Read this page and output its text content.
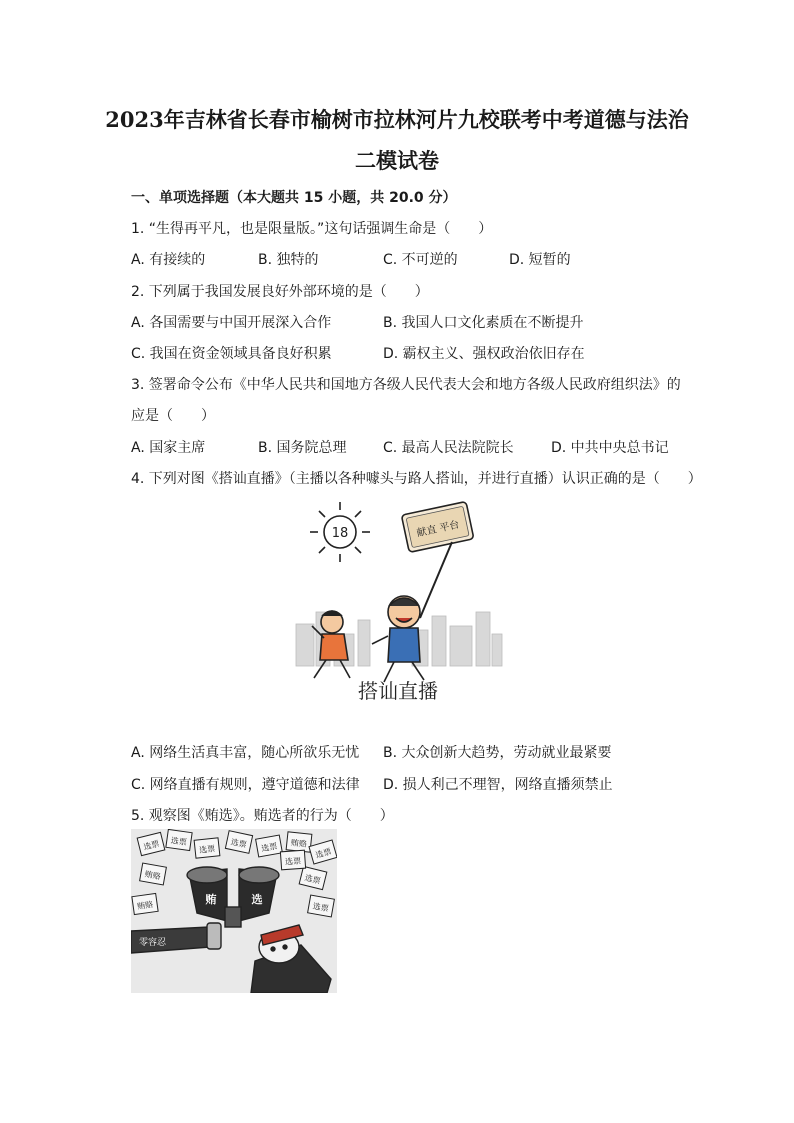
2023年吉林省长春市榆树市拉林河片九校联考中考道德与法治
二模试卷
一、单项选择题（本大题共 15 小题，共 20.0 分）
1. “生得再平凡，也是限量版。”这句话强调生命是（　　）
A. 有接续的	B. 独特的	C. 不可逆的	D. 短暂的
2. 下列属于我国发展良好外部环境的是（　　）
A. 各国需要与中国开展深入合作	B. 我国人口文化素质在不断提升
C. 我国在资金领域具备良好积累	D. 霸权主义、强权政治依旧存在
3. 签署命令公布《中华人民共和国地方各级人民代表大会和地方各级人民政府组织法》的
应是（　　）
A. 国家主席	B. 国务院总理	C. 最高人民法院院长	D. 中共中央总书记
4. 下列对图《搭讪直播》（主播以各种噱头与路人搭讪，并进行直播）认识正确的是（　　）
18	献直 平台
搭讪直播
A. 网络生活真丰富，随心所欲乐无忧 B. 大众创新大趋势，劳动就业最紧要
C. 网络直播有规则，遵守道德和法律 D. 损人利己不理智，网络直播须禁止
5. 观察图《贿选》。贿选者的行为（　　）
选票 选票
选票 选票 选票 贿赂
选票
贿赂	选票
贿赂	选票
选票
贿	选
零容忍
